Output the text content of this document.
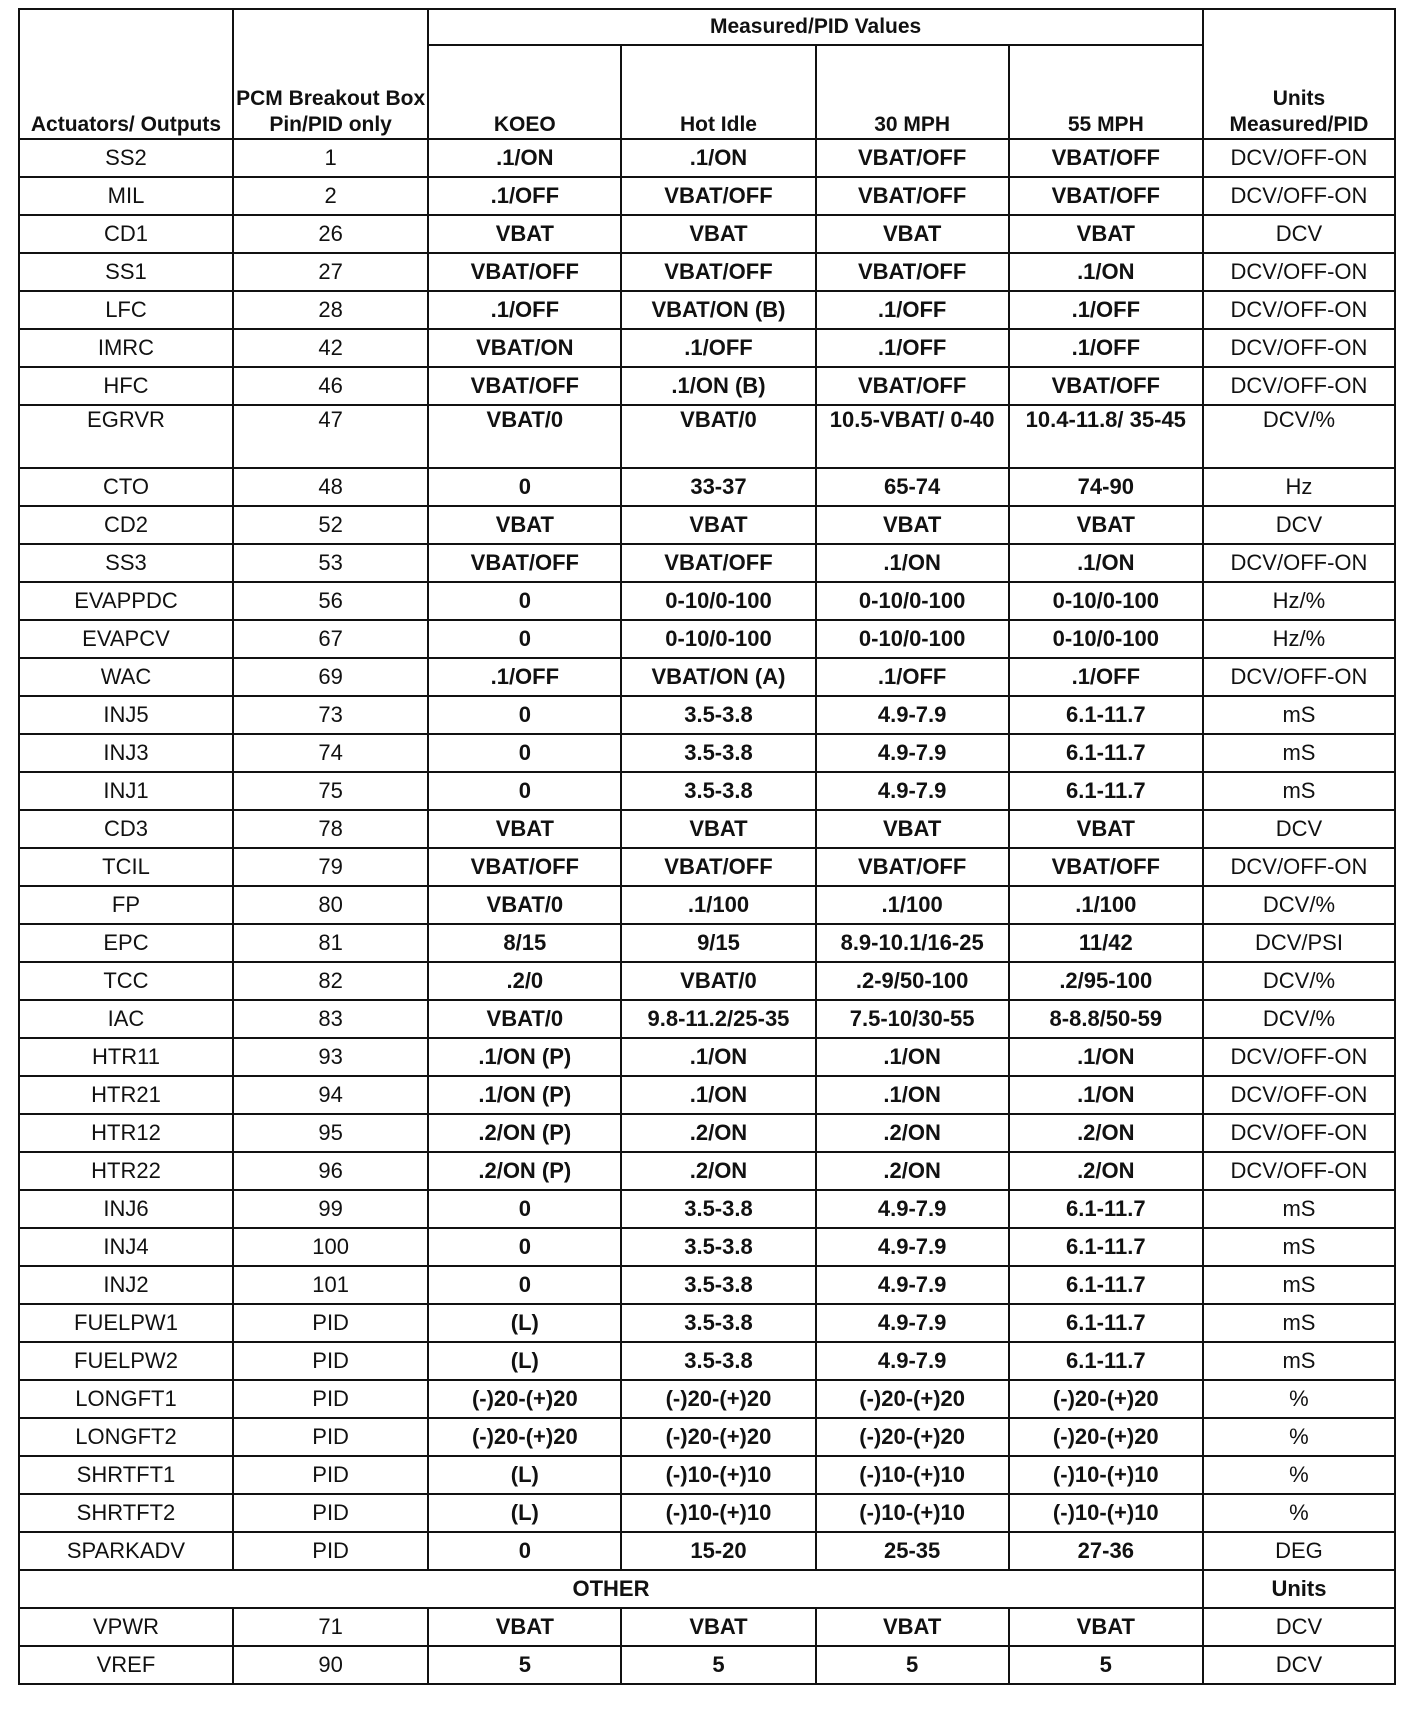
Actuators/ Outputs	PCM Breakout Box Pin/PID only	Measured/PID Values				Units Measured/PID
		KOEO	Hot Idle	30 MPH	55 MPH	
SS2	1	.1/ON	.1/ON	VBAT/OFF	VBAT/OFF	DCV/OFF-ON
MIL	2	.1/OFF	VBAT/OFF	VBAT/OFF	VBAT/OFF	DCV/OFF-ON
CD1	26	VBAT	VBAT	VBAT	VBAT	DCV
SS1	27	VBAT/OFF	VBAT/OFF	VBAT/OFF	.1/ON	DCV/OFF-ON
LFC	28	.1/OFF	VBAT/ON (B)	.1/OFF	.1/OFF	DCV/OFF-ON
IMRC	42	VBAT/ON	.1/OFF	.1/OFF	.1/OFF	DCV/OFF-ON
HFC	46	VBAT/OFF	.1/ON (B)	VBAT/OFF	VBAT/OFF	DCV/OFF-ON
EGRVR	47	VBAT/0	VBAT/0	10.5-VBAT/ 0-40	10.4-11.8/ 35-45	DCV/%
CTO	48	0	33-37	65-74	74-90	Hz
CD2	52	VBAT	VBAT	VBAT	VBAT	DCV
SS3	53	VBAT/OFF	VBAT/OFF	.1/ON	.1/ON	DCV/OFF-ON
EVAPPDC	56	0	0-10/0-100	0-10/0-100	0-10/0-100	Hz/%
EVAPCV	67	0	0-10/0-100	0-10/0-100	0-10/0-100	Hz/%
WAC	69	.1/OFF	VBAT/ON (A)	.1/OFF	.1/OFF	DCV/OFF-ON
INJ5	73	0	3.5-3.8	4.9-7.9	6.1-11.7	mS
INJ3	74	0	3.5-3.8	4.9-7.9	6.1-11.7	mS
INJ1	75	0	3.5-3.8	4.9-7.9	6.1-11.7	mS
CD3	78	VBAT	VBAT	VBAT	VBAT	DCV
TCIL	79	VBAT/OFF	VBAT/OFF	VBAT/OFF	VBAT/OFF	DCV/OFF-ON
FP	80	VBAT/0	.1/100	.1/100	.1/100	DCV/%
EPC	81	8/15	9/15	8.9-10.1/16-25	11/42	DCV/PSI
TCC	82	.2/0	VBAT/0	.2-9/50-100	.2/95-100	DCV/%
IAC	83	VBAT/0	9.8-11.2/25-35	7.5-10/30-55	8-8.8/50-59	DCV/%
HTR11	93	.1/ON (P)	.1/ON	.1/ON	.1/ON	DCV/OFF-ON
HTR21	94	.1/ON (P)	.1/ON	.1/ON	.1/ON	DCV/OFF-ON
HTR12	95	.2/ON (P)	.2/ON	.2/ON	.2/ON	DCV/OFF-ON
HTR22	96	.2/ON (P)	.2/ON	.2/ON	.2/ON	DCV/OFF-ON
INJ6	99	0	3.5-3.8	4.9-7.9	6.1-11.7	mS
INJ4	100	0	3.5-3.8	4.9-7.9	6.1-11.7	mS
INJ2	101	0	3.5-3.8	4.9-7.9	6.1-11.7	mS
FUELPW1	PID	(L)	3.5-3.8	4.9-7.9	6.1-11.7	mS
FUELPW2	PID	(L)	3.5-3.8	4.9-7.9	6.1-11.7	mS
LONGFT1	PID	(-)20-(+)20	(-)20-(+)20	(-)20-(+)20	(-)20-(+)20	%
LONGFT2	PID	(-)20-(+)20	(-)20-(+)20	(-)20-(+)20	(-)20-(+)20	%
SHRTFT1	PID	(L)	(-)10-(+)10	(-)10-(+)10	(-)10-(+)10	%
SHRTFT2	PID	(L)	(-)10-(+)10	(-)10-(+)10	(-)10-(+)10	%
SPARKADV	PID	0	15-20	25-35	27-36	DEG
OTHER						Units
VPWR	71	VBAT	VBAT	VBAT	VBAT	DCV
VREF	90	5	5	5	5	DCV
